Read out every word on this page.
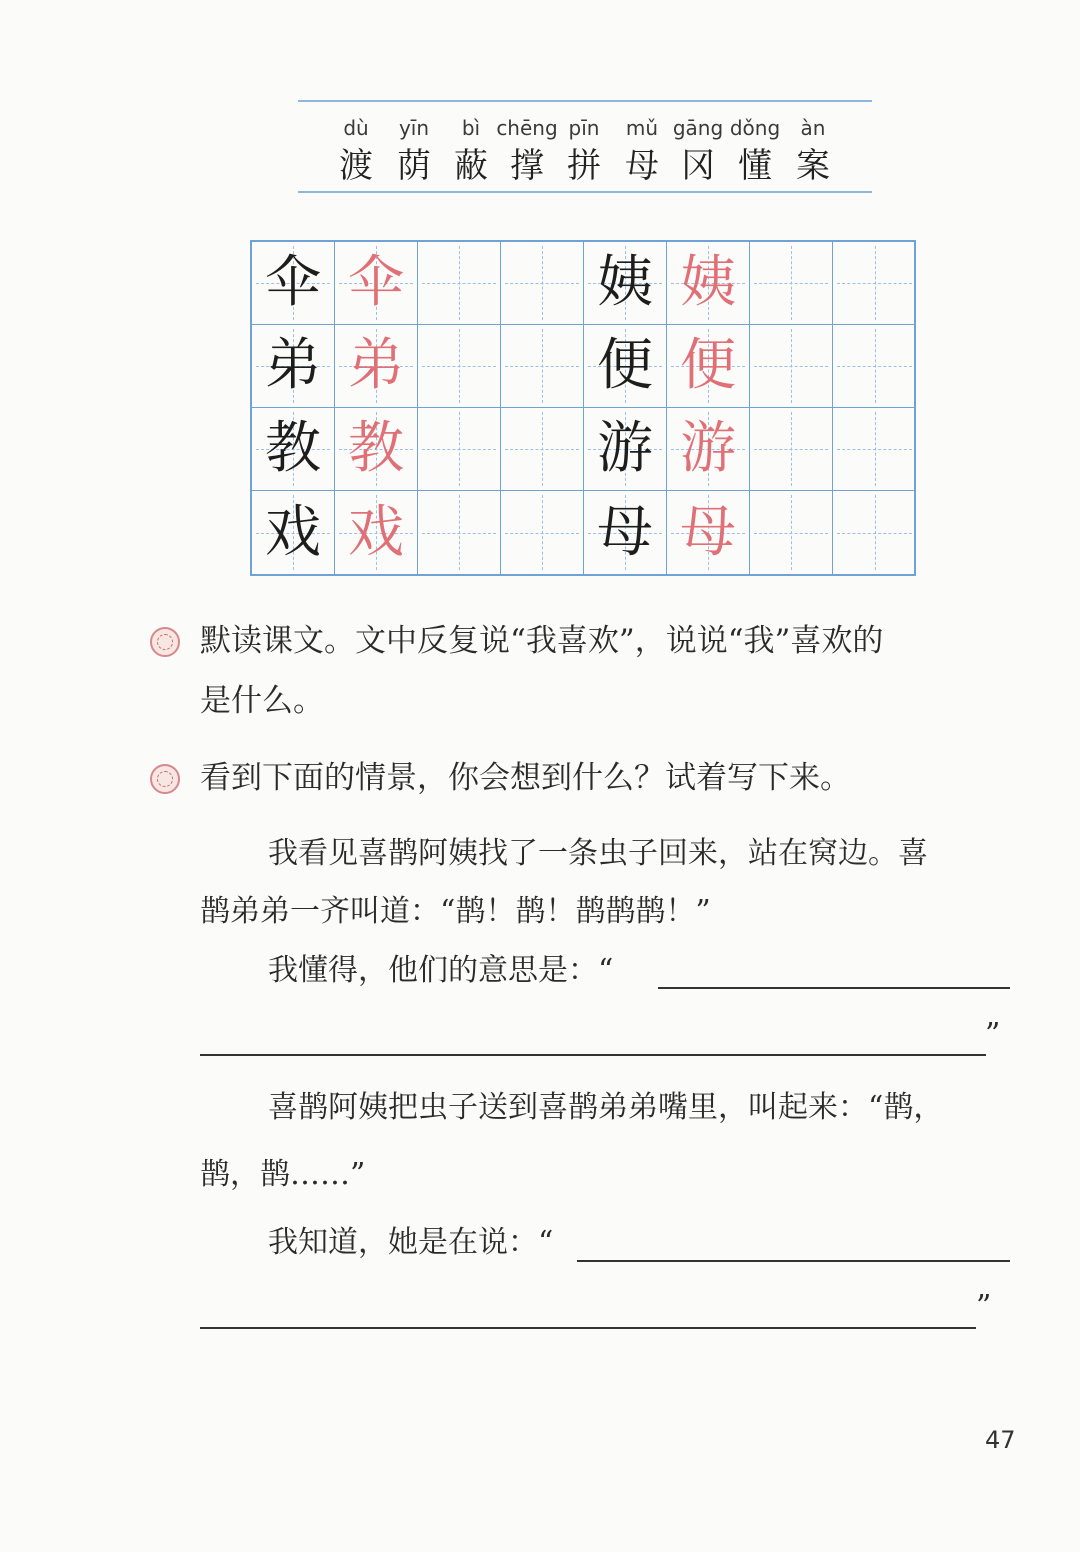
dù	yīn	bì chēng pīn	mǔ gāng dǒng	àn
渡 荫 蔽 撑 拼 母 冈 懂 案
伞 伞	姨 姨
弟 弟	便 便
教 教	游 游
戏 戏	母 母
默读课文。文中反复说“我喜欢”，说说“我”喜欢的
是什么。
看到下面的情景，你会想到什么？试着写下来。
我看见喜鹊阿姨找了一条虫子回来，站在窝边。喜
鹊弟弟一齐叫道：“鹊！鹊！鹊鹊鹊！”
我懂得，他们的意思是：“
”
喜鹊阿姨把虫子送到喜鹊弟弟嘴里，叫起来：“鹊，
鹊，鹊……”
我知道，她是在说：“
”
47
